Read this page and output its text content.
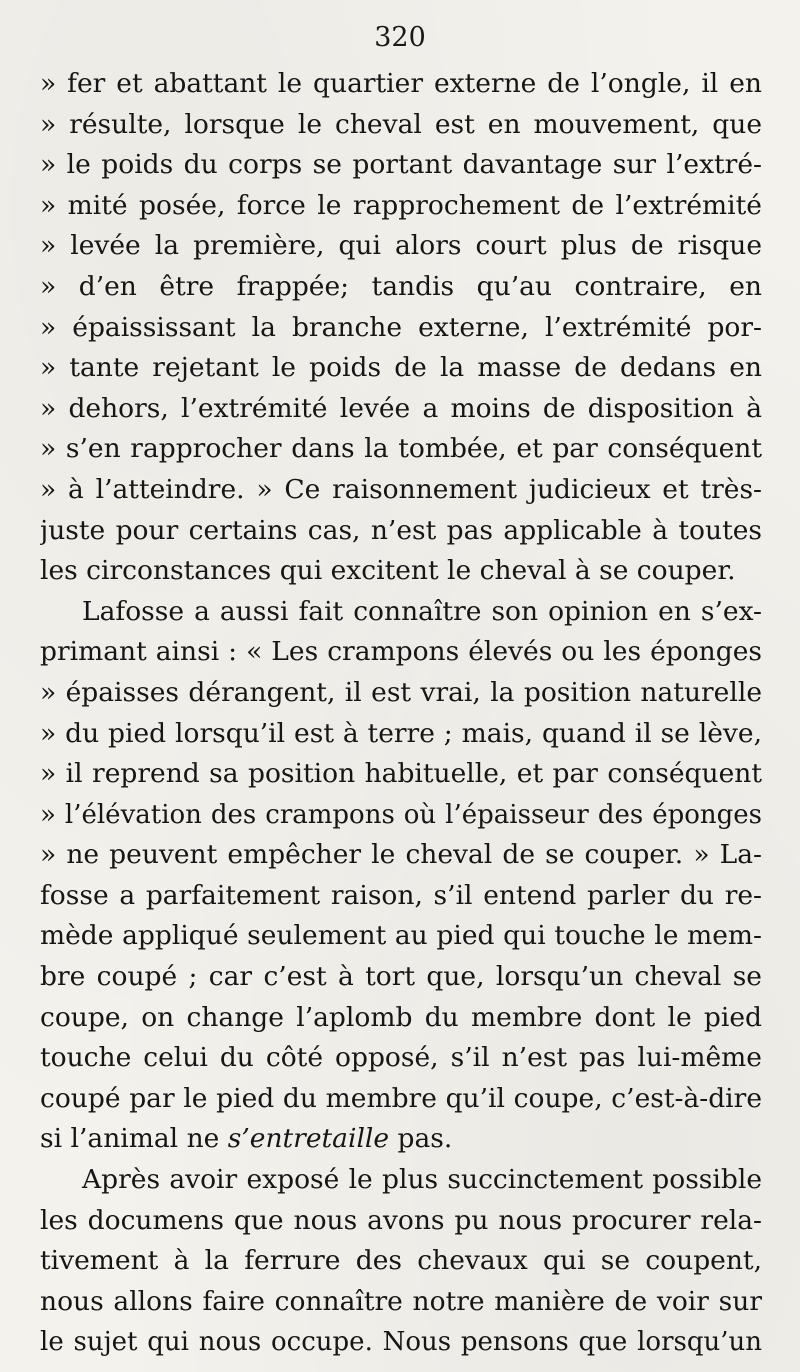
320
» fer et abattant le quartier externe de l’ongle, il en
» résulte, lorsque le cheval est en mouvement, que
» le poids du corps se portant davantage sur l’extré-
» mité posée, force le rapprochement de l’extrémité
» levée la première, qui alors court plus de risque
» d’en être frappée; tandis qu’au contraire, en
» épaississant la branche externe, l’extrémité por-
» tante rejetant le poids de la masse de dedans en
» dehors, l’extrémité levée a moins de disposition à
» s’en rapprocher dans la tombée, et par conséquent
» à l’atteindre. » Ce raisonnement judicieux et très-
juste pour certains cas, n’est pas applicable à toutes
les circonstances qui excitent le cheval à se couper.
Lafosse a aussi fait connaître son opinion en s’ex-
primant ainsi : « Les crampons élevés ou les éponges
» épaisses dérangent, il est vrai, la position naturelle
» du pied lorsqu’il est à terre ; mais, quand il se lève,
» il reprend sa position habituelle, et par conséquent
» l’élévation des crampons où l’épaisseur des éponges
» ne peuvent empêcher le cheval de se couper. » La-
fosse a parfaitement raison, s’il entend parler du re-
mède appliqué seulement au pied qui touche le mem-
bre coupé ; car c’est à tort que, lorsqu’un cheval se
coupe, on change l’aplomb du membre dont le pied
touche celui du côté opposé, s’il n’est pas lui-même
coupé par le pied du membre qu’il coupe, c’est-à-dire
si l’animal ne s’entretaille pas.
Après avoir exposé le plus succinctement possible
les documens que nous avons pu nous procurer rela-
tivement à la ferrure des chevaux qui se coupent,
nous allons faire connaître notre manière de voir sur
le sujet qui nous occupe. Nous pensons que lorsqu’un
